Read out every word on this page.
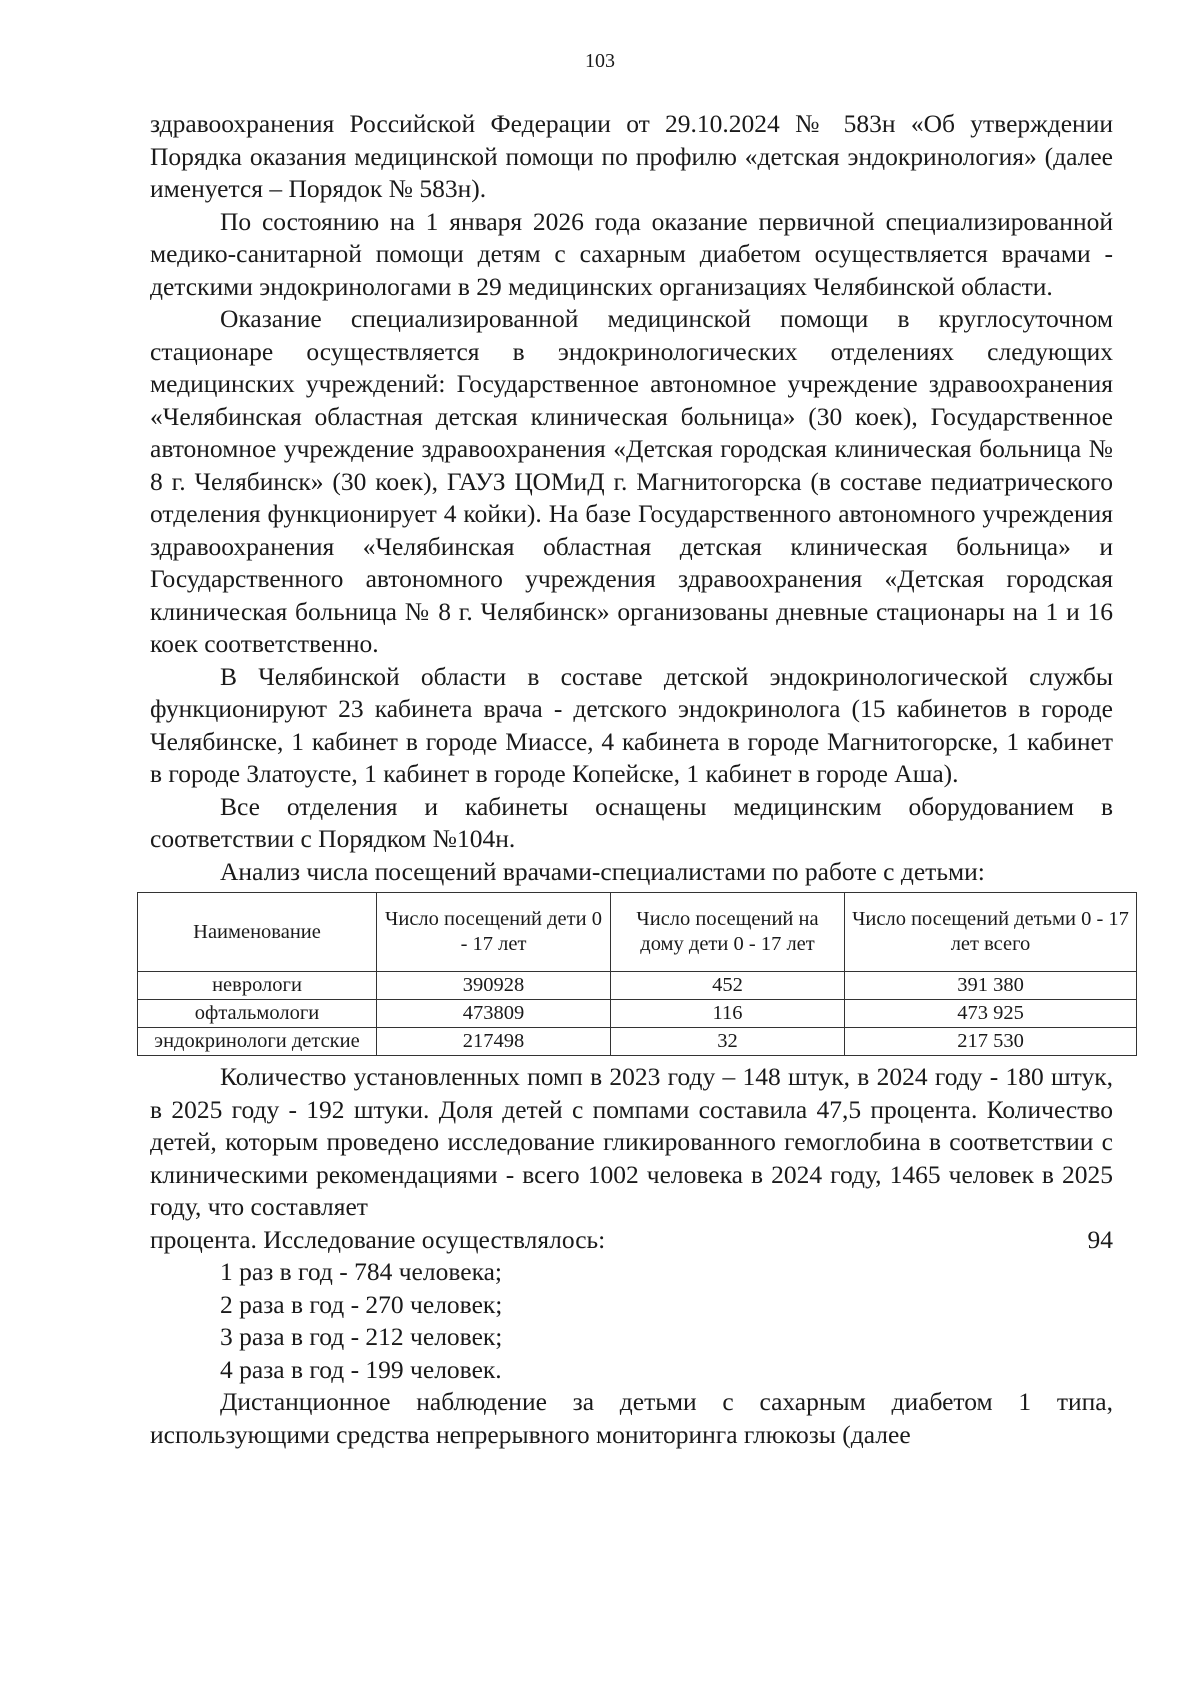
103

здравоохранения Российской Федерации от 29.10.2024 № 583н «Об утверждении Порядка оказания медицинской помощи по профилю «детская эндокринология» (далее именуется – Порядок № 583н).

По состоянию на 1 января 2026 года оказание первичной специализированной медико-санитарной помощи детям с сахарным диабетом осуществляется врачами - детскими эндокринологами в 29 медицинских организациях Челябинской области.

Оказание специализированной медицинской помощи в круглосуточном стационаре осуществляется в эндокринологических отделениях следующих медицинских учреждений: Государственное автономное учреждение здравоохранения «Челябинская областная детская клиническая больница» (30 коек), Государственное автономное учреждение здравоохранения «Детская городская клиническая больница № 8 г. Челябинск» (30 коек), ГАУЗ ЦОМиД г. Магнитогорска (в составе педиатрического отделения функционирует 4 койки). На базе Государственного автономного учреждения здравоохранения «Челябинская областная детская клиническая больница» и Государственного автономного учреждения здравоохранения «Детская городская клиническая больница № 8 г. Челябинск» организованы дневные стационары на 1 и 16 коек соответственно.

В Челябинской области в составе детской эндокринологической службы функционируют 23 кабинета врача - детского эндокринолога (15 кабинетов в городе Челябинске, 1 кабинет в городе Миассе, 4 кабинета в городе Магнитогорске, 1 кабинет в городе Златоусте, 1 кабинет в городе Копейске, 1 кабинет в городе Аша).

Все отделения и кабинеты оснащены медицинским оборудованием в соответствии с Порядком №104н.

Анализ числа посещений врачами-специалистами по работе с детьми:

Наименование	Число посещений дети 0 - 17 лет	Число посещений на дому дети 0 - 17 лет	Число посещений детьми 0 - 17 лет всего
неврологи	390928	452	391 380
офтальмологи	473809	116	473 925
эндокринологи детские	217498	32	217 530

Количество установленных помп в 2023 году – 148 штук, в 2024 году - 180 штук, в 2025 году - 192 штуки. Доля детей с помпами составила 47,5 процента. Количество детей, которым проведено исследование гликированного гемоглобина в соответствии с клиническими рекомендациями - всего 1002 человека в 2024 году, 1465 человек в 2025 году, что составляет

процента. Исследование осуществлялось:	94

1 раз в год - 784 человека;

2 раза в год - 270 человек;

3 раза в год - 212 человек;

4 раза в год - 199 человек.

Дистанционное наблюдение за детьми с сахарным диабетом 1 типа, использующими средства непрерывного мониторинга глюкозы (далее
